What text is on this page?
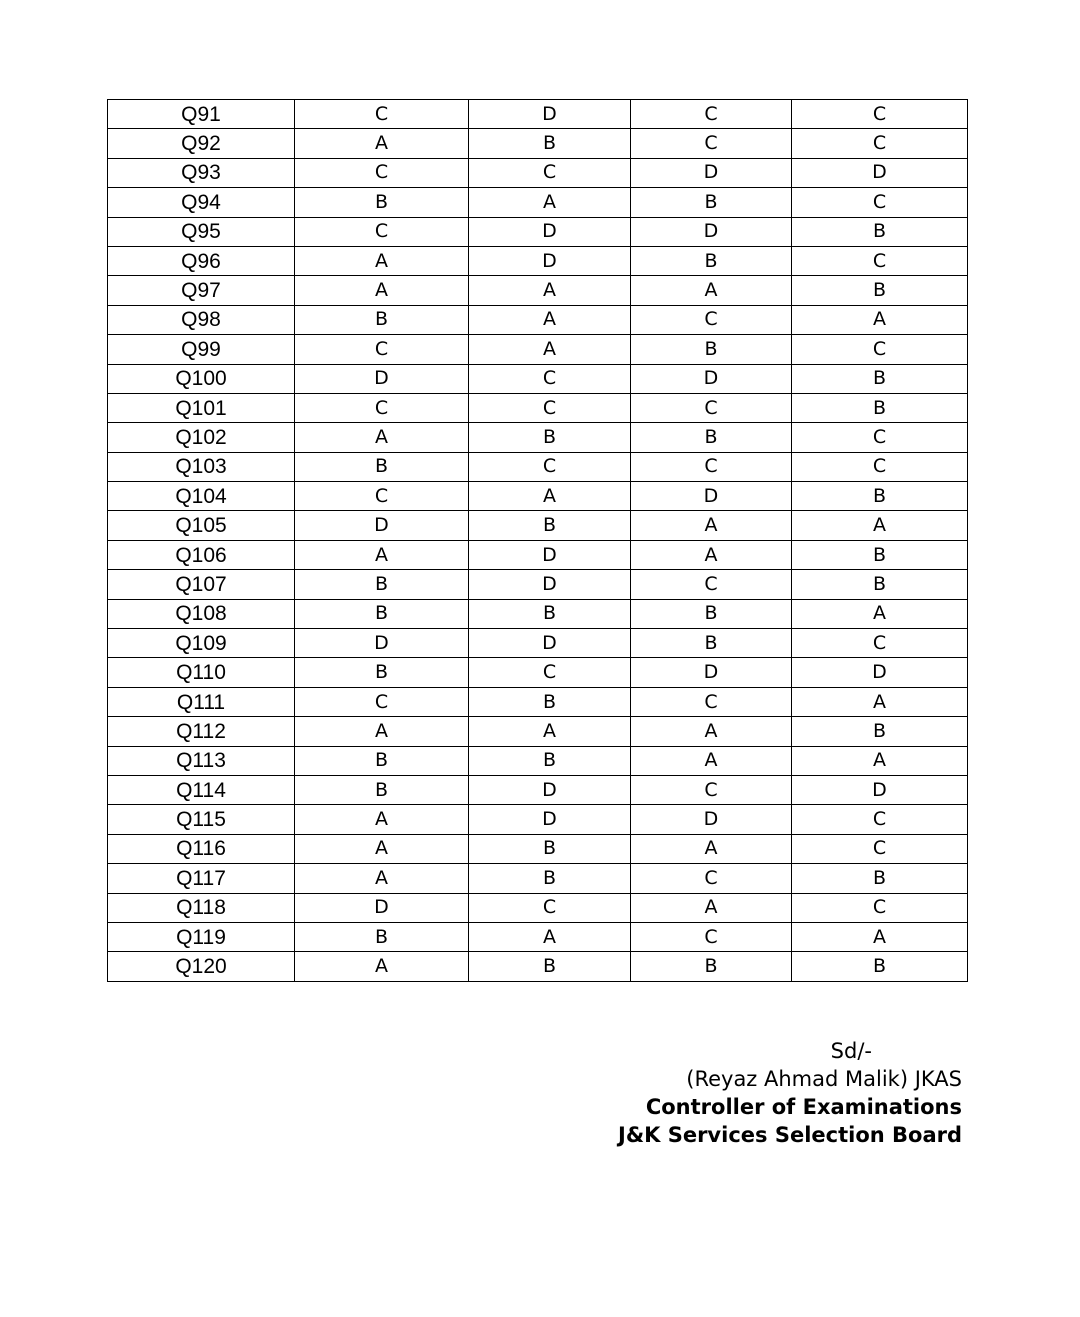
Q91	C	D	C	C
Q92	A	B	C	C
Q93	C	C	D	D
Q94	B	A	B	C
Q95	C	D	D	B
Q96	A	D	B	C
Q97	A	A	A	B
Q98	B	A	C	A
Q99	C	A	B	C
Q100	D	C	D	B
Q101	C	C	C	B
Q102	A	B	B	C
Q103	B	C	C	C
Q104	C	A	D	B
Q105	D	B	A	A
Q106	A	D	A	B
Q107	B	D	C	B
Q108	B	B	B	A
Q109	D	D	B	C
Q110	B	C	D	D
Q111	C	B	C	A
Q112	A	A	A	B
Q113	B	B	A	A
Q114	B	D	C	D
Q115	A	D	D	C
Q116	A	B	A	C
Q117	A	B	C	B
Q118	D	C	A	C
Q119	B	A	C	A
Q120	A	B	B	B
Sd/-
(Reyaz Ahmad Malik) JKAS
Controller of Examinations
J&K Services Selection Board
